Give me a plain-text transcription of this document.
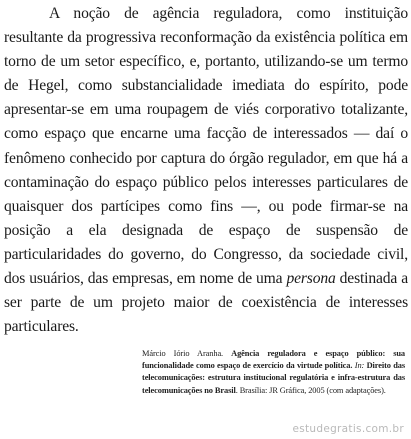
A noção de agência reguladora, como instituição resultante da progressiva reconformação da existência política em torno de um setor específico, e, portanto, utilizando-se um termo de Hegel, como substancialidade imediata do espírito, pode apresentar-se em uma roupagem de viés corporativo totalizante, como espaço que encarne uma facção de interessados — daí o fenômeno conhecido por captura do órgão regulador, em que há a contaminação do espaço público pelos interesses particulares de quaisquer dos partícipes como fins —, ou pode firmar-se na posição a ela designada de espaço de suspensão de particularidades do governo, do Congresso, da sociedade civil, dos usuários, das empresas, em nome de uma persona destinada a ser parte de um projeto maior de coexistência de interesses particulares.

Márcio Iório Aranha. Agência reguladora e espaço público: sua funcionalidade como espaço de exercício da virtude política. In: Direito das telecomunicações: estrutura institucional regulatória e infra-estrutura das telecomunicações no Brasil. Brasília: JR Gráfica, 2005 (com adaptações).

estudegratis.com.br
